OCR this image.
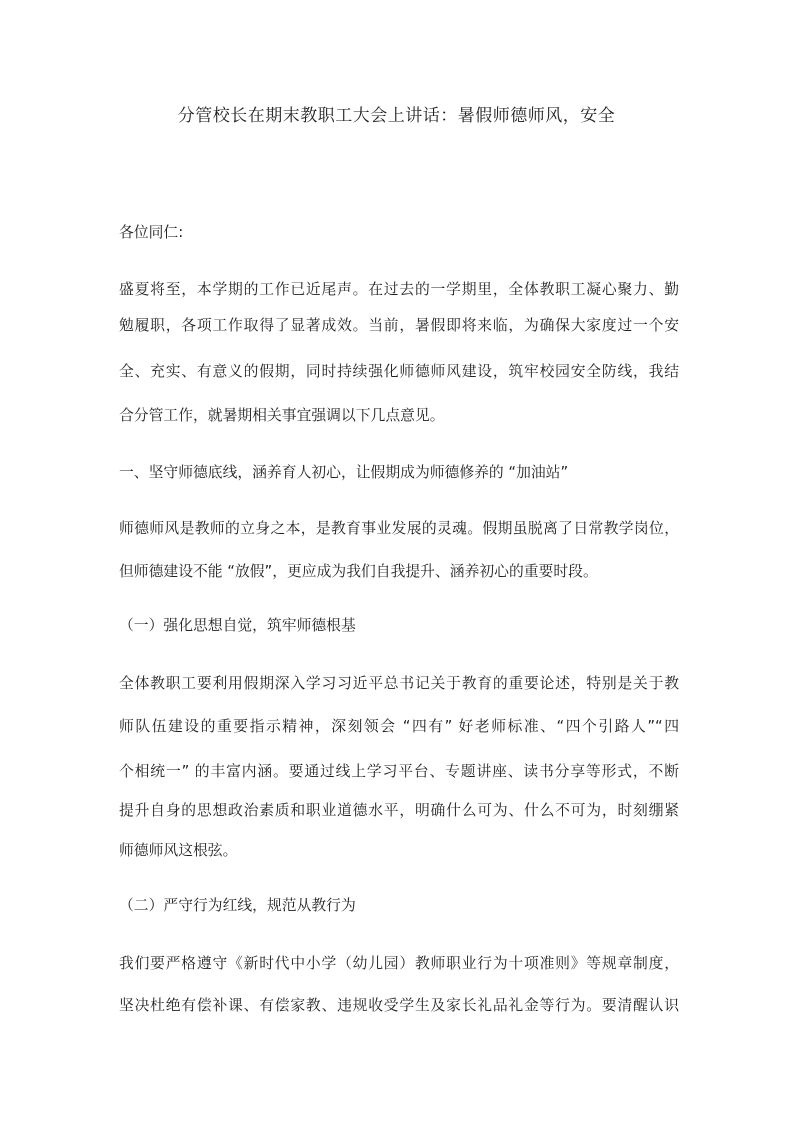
分管校长在期末教职工大会上讲话：暑假师德师风，安全
各位同仁:
盛夏将至，本学期的工作已近尾声。在过去的一学期里，全体教职工凝心聚力、勤
勉履职，各项工作取得了显著成效。当前，暑假即将来临，为确保大家度过一个安
全、充实、有意义的假期，同时持续强化师德师风建设，筑牢校园安全防线，我结
合分管工作，就暑期相关事宜强调以下几点意见。
一、坚守师德底线，涵养育人初心，让假期成为师德修养的 “加油站”
师德师风是教师的立身之本，是教育事业发展的灵魂。假期虽脱离了日常教学岗位，
但师德建设不能 “放假”，更应成为我们自我提升、涵养初心的重要时段。
（一）强化思想自觉，筑牢师德根基
全体教职工要利用假期深入学习习近平总书记关于教育的重要论述，特别是关于教
师队伍建设的重要指示精神，深刻领会 “四有” 好老师标准、“四个引路人”“四
个相统一” 的丰富内涵。要通过线上学习平台、专题讲座、读书分享等形式，不断
提升自身的思想政治素质和职业道德水平，明确什么可为、什么不可为，时刻绷紧
师德师风这根弦。
（二）严守行为红线，规范从教行为
我们要严格遵守《新时代中小学（幼儿园）教师职业行为十项准则》等规章制度，
坚决杜绝有偿补课、有偿家教、违规收受学生及家长礼品礼金等行为。要清醒认识
